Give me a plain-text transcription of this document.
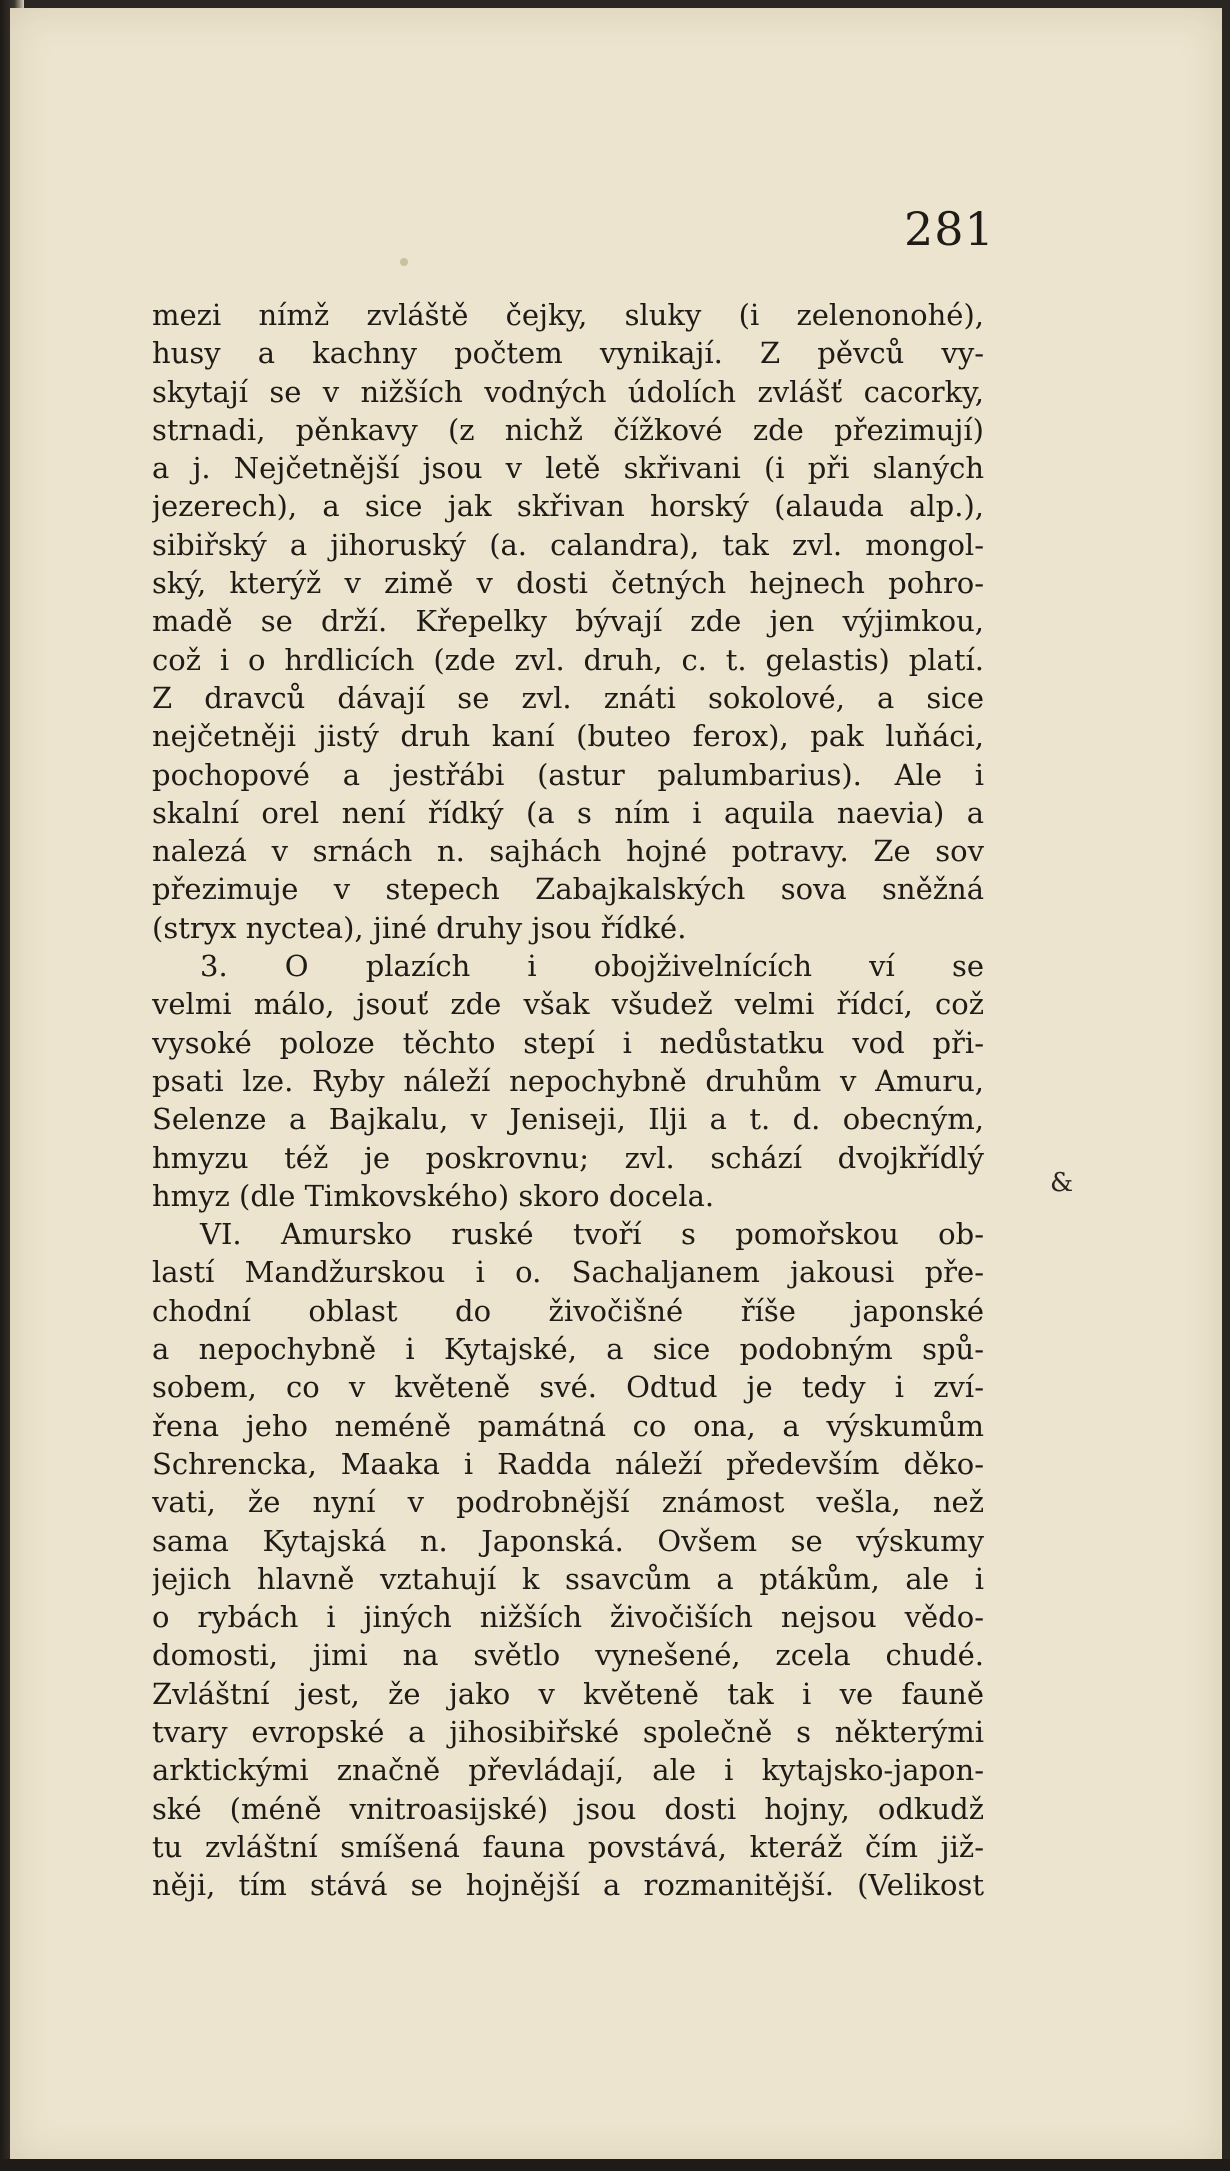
281
mezi nímž zvláště čejky, sluky (i zelenonohé),
husy a kachny počtem vynikají. Z pěvců vy-
skytají se v nižších vodných údolích zvlášť cacorky,
strnadi, pěnkavy (z nichž čížkové zde přezimují)
a j. Nejčetnější jsou v letě skřivani (i při slaných
jezerech), a sice jak skřivan horský (alauda alp.),
sibiřský a jihoruský (a. calandra), tak zvl. mongol-
ský, kterýž v zimě v dosti četných hejnech pohro-
madě se drží. Křepelky bývají zde jen výjimkou,
což i o hrdlicích (zde zvl. druh, c. t. gelastis) platí.
Z dravců dávají se zvl. znáti sokolové, a sice
nejčetněji jistý druh kaní (buteo ferox), pak luňáci,
pochopové a jestřábi (astur palumbarius). Ale i
skalní orel není řídký (a s ním i aquila naevia) a
nalezá v srnách n. sajhách hojné potravy. Ze sov
přezimuje v stepech Zabajkalských sova sněžná
(stryx nyctea), jiné druhy jsou řídké.
3. O plazích i obojživelnících ví se
velmi málo, jsouť zde však všudež velmi řídcí, což
vysoké poloze těchto stepí i nedůstatku vod při-
psati lze. Ryby náleží nepochybně druhům v Amuru,
Selenze a Bajkalu, v Jeniseji, Ilji a t. d. obecným,
hmyzu též je poskrovnu; zvl. schází dvojkřídlý
hmyz (dle Timkovského) skoro docela.
VI. Amursko ruské tvoří s pomořskou ob-
lastí Mandžurskou i o. Sachaljanem jakousi pře-
chodní oblast do živočišné říše japonské
a nepochybně i Kytajské, a sice podobným spů-
sobem, co v květeně své. Odtud je tedy i zví-
řena jeho neméně památná co ona, a výskumům
Schrencka, Maaka i Radda náleží především děko-
vati, že nyní v podrobnější známost vešla, než
sama Kytajská n. Japonská. Ovšem se výskumy
jejich hlavně vztahují k ssavcům a ptákům, ale i
o rybách i jiných nižších živočiších nejsou vědo-
domosti, jimi na světlo vynešené, zcela chudé.
Zvláštní jest, že jako v květeně tak i ve fauně
tvary evropské a jihosibiřské společně s některými
arktickými značně převládají, ale i kytajsko-japon-
ské (méně vnitroasijské) jsou dosti hojny, odkudž
tu zvláštní smíšená fauna povstává, kteráž čím již-
něji, tím stává se hojnější a rozmanitější. (Velikost
&
